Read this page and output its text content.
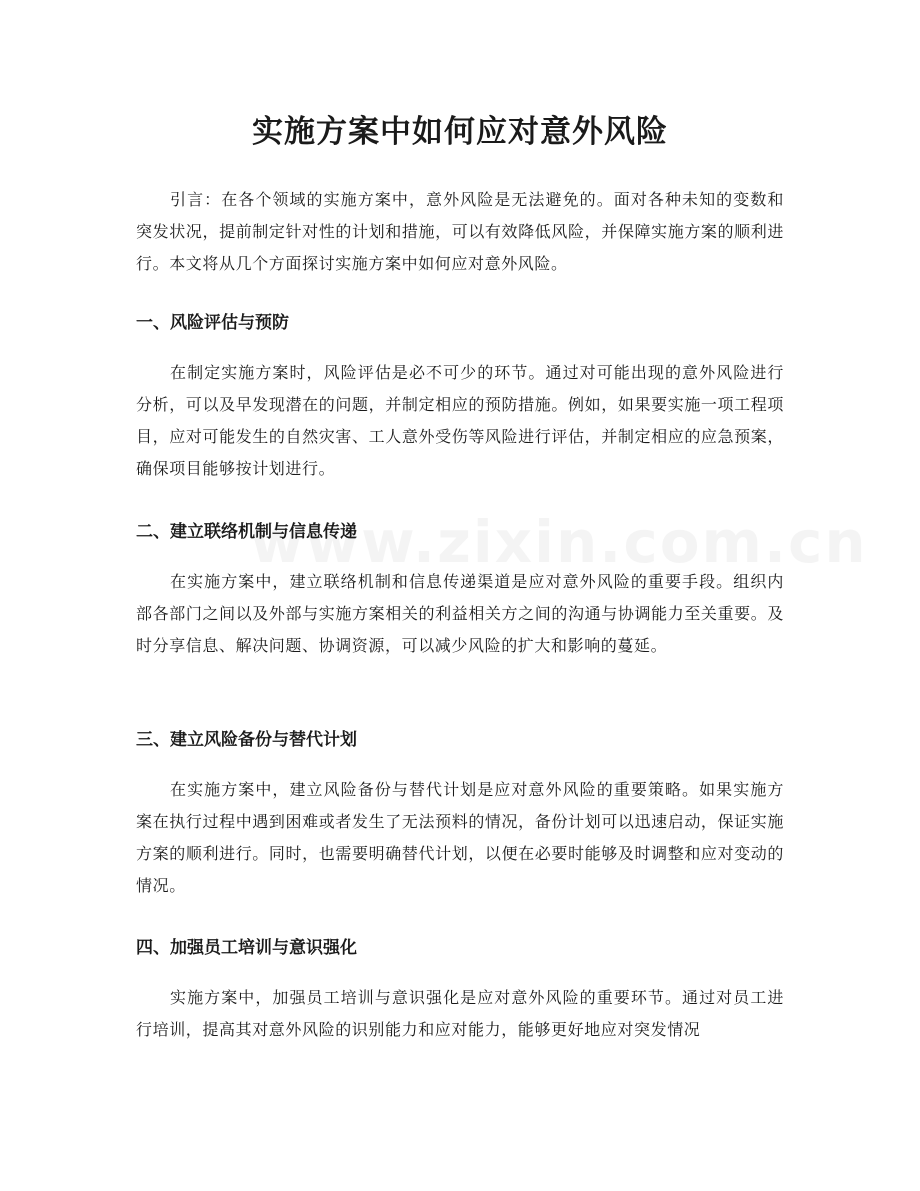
实施方案中如何应对意外风险

引言：在各个领域的实施方案中，意外风险是无法避免的。面对各种未知的变数和突发状况，提前制定针对性的计划和措施，可以有效降低风险，并保障实施方案的顺利进行。本文将从几个方面探讨实施方案中如何应对意外风险。

一、风险评估与预防

在制定实施方案时，风险评估是必不可少的环节。通过对可能出现的意外风险进行分析，可以及早发现潜在的问题，并制定相应的预防措施。例如，如果要实施一项工程项目，应对可能发生的自然灾害、工人意外受伤等风险进行评估，并制定相应的应急预案，确保项目能够按计划进行。

二、建立联络机制与信息传递

在实施方案中，建立联络机制和信息传递渠道是应对意外风险的重要手段。组织内部各部门之间以及外部与实施方案相关的利益相关方之间的沟通与协调能力至关重要。及时分享信息、解决问题、协调资源，可以减少风险的扩大和影响的蔓延。

三、建立风险备份与替代计划

在实施方案中，建立风险备份与替代计划是应对意外风险的重要策略。如果实施方案在执行过程中遇到困难或者发生了无法预料的情况，备份计划可以迅速启动，保证实施方案的顺利进行。同时，也需要明确替代计划，以便在必要时能够及时调整和应对变动的情况。

四、加强员工培训与意识强化

实施方案中，加强员工培训与意识强化是应对意外风险的重要环节。通过对员工进行培训，提高其对意外风险的识别能力和应对能力，能够更好地应对突发情况
